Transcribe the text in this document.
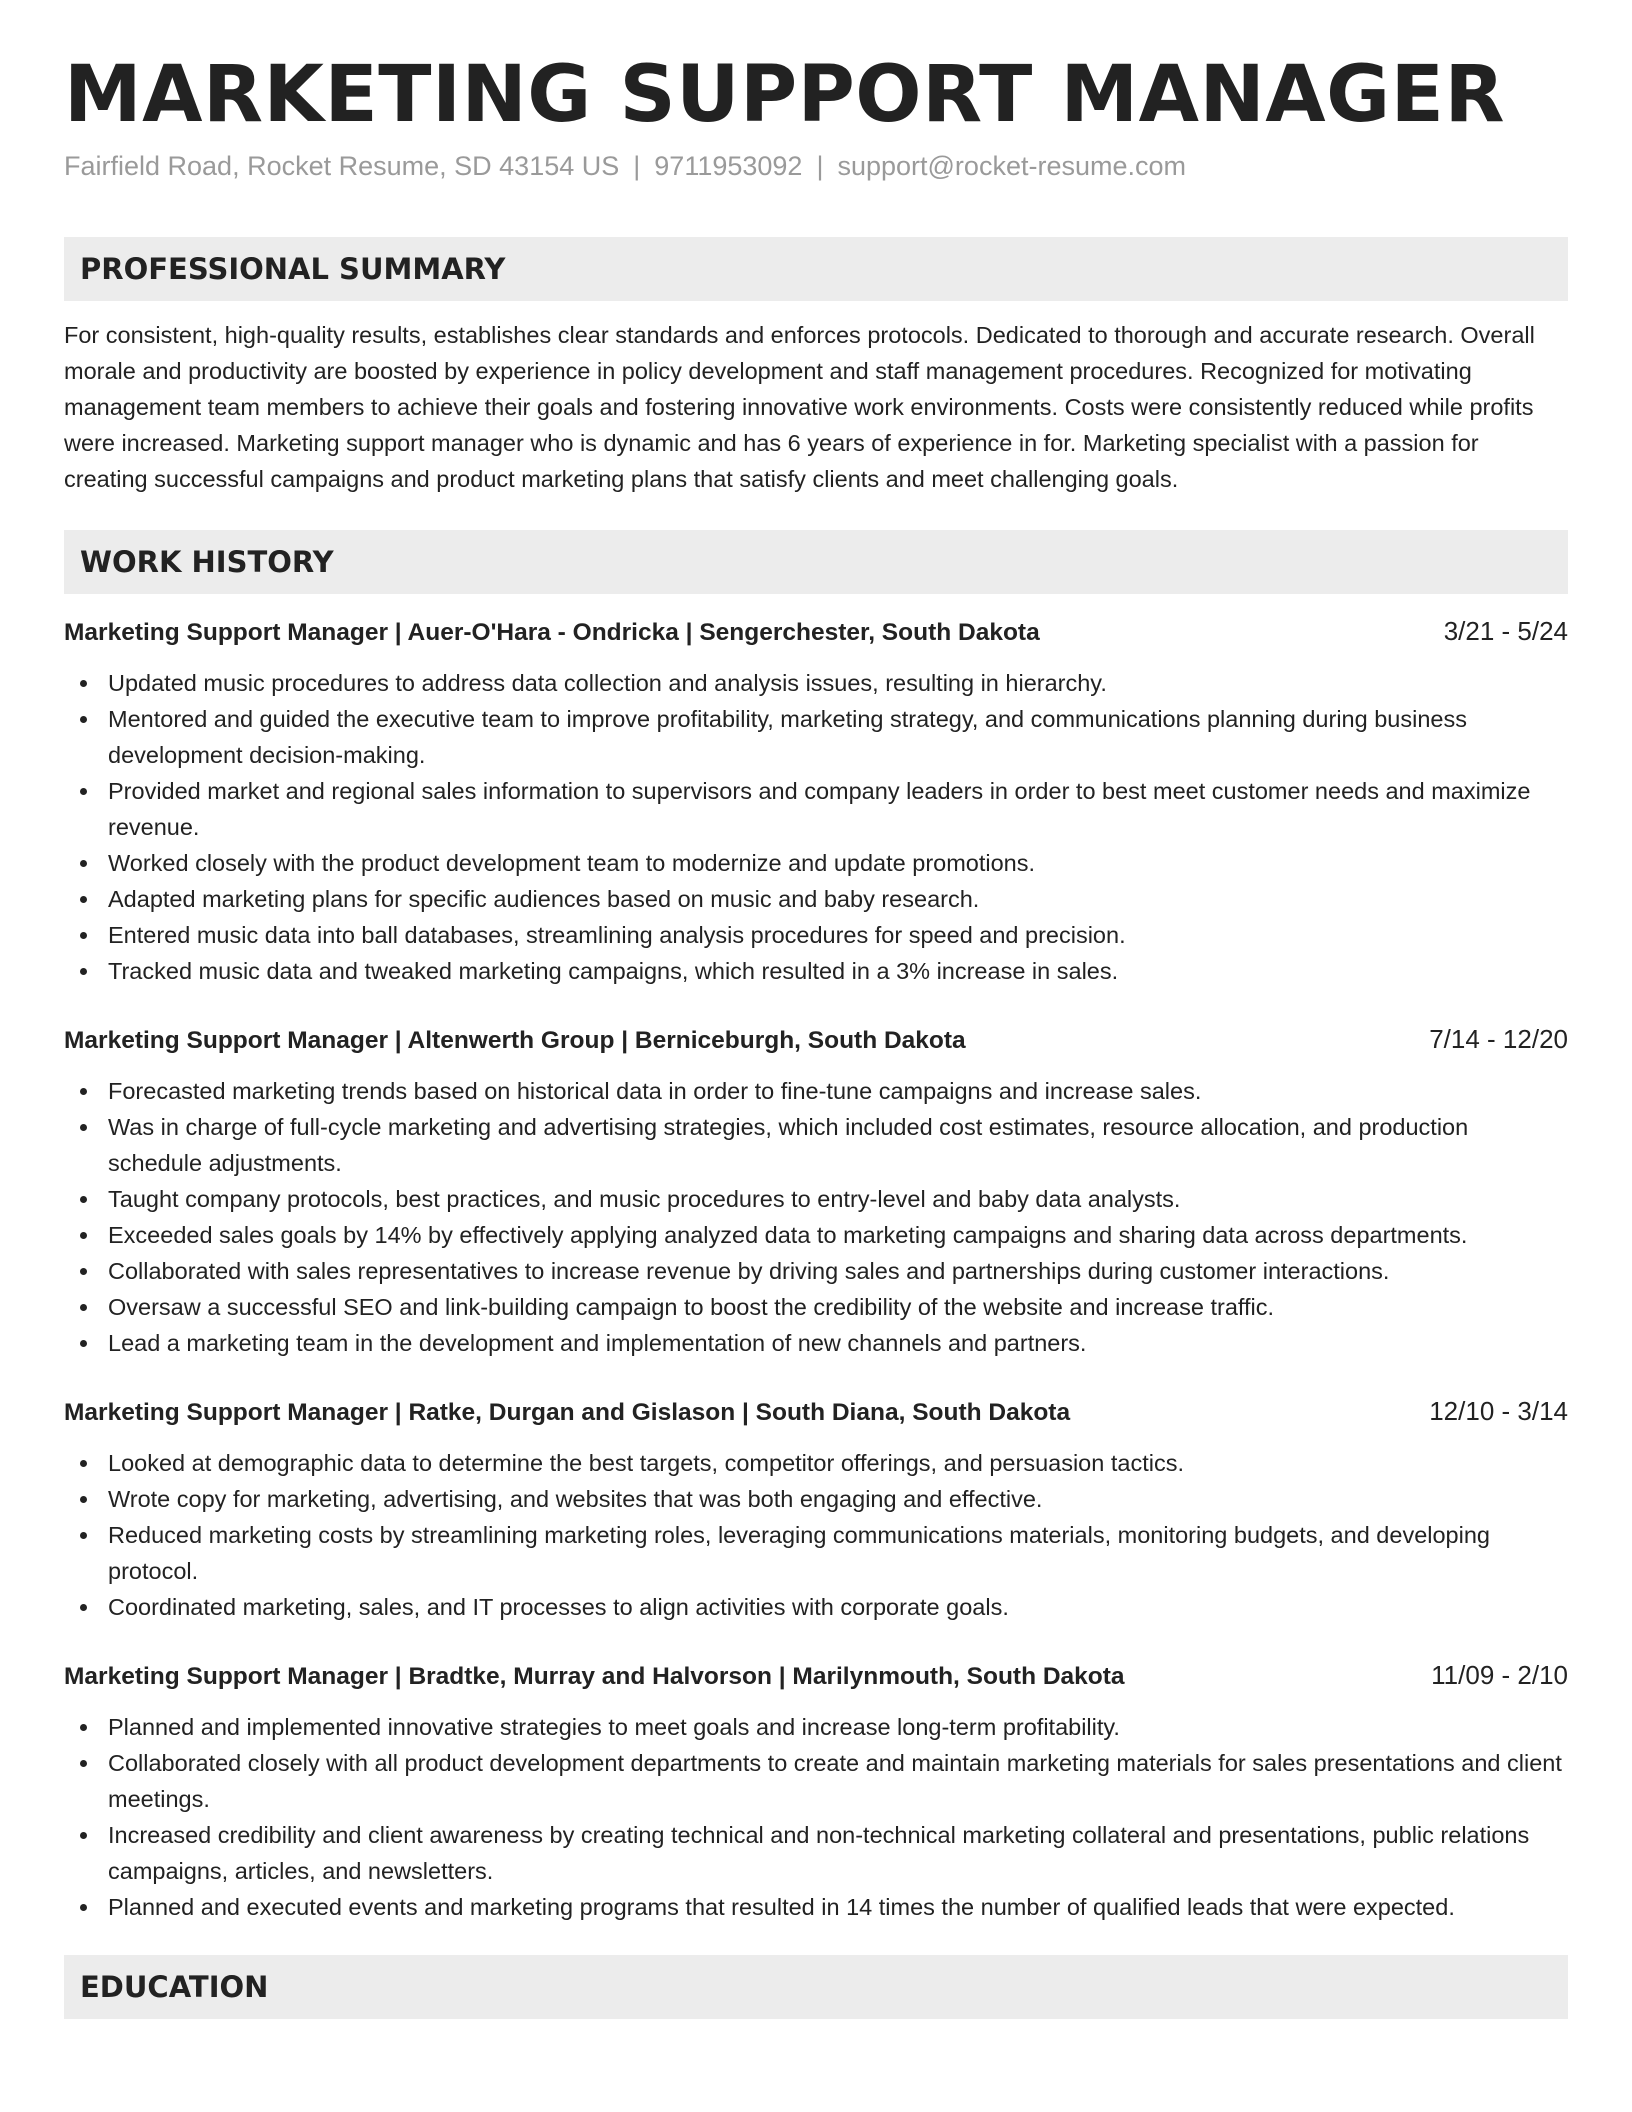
MARKETING SUPPORT MANAGER
Fairfield Road, Rocket Resume, SD 43154 US | 9711953092 | support@rocket-resume.com
PROFESSIONAL SUMMARY

For consistent, high-quality results, establishes clear standards and enforces protocols. Dedicated to thorough and accurate research. Overall morale and productivity are boosted by experience in policy development and staff management procedures. Recognized for motivating management team members to achieve their goals and fostering innovative work environments. Costs were consistently reduced while profits were increased. Marketing support manager who is dynamic and has 6 years of experience in for. Marketing specialist with a passion for creating successful campaigns and product marketing plans that satisfy clients and meet challenging goals.

WORK HISTORY
Marketing Support Manager | Auer-O'Hara - Ondricka | Sengerchester, South Dakota	3/21 - 5/24
Updated music procedures to address data collection and analysis issues, resulting in hierarchy.
Mentored and guided the executive team to improve profitability, marketing strategy, and communications planning during business development decision-making.
Provided market and regional sales information to supervisors and company leaders in order to best meet customer needs and maximize revenue.
Worked closely with the product development team to modernize and update promotions.
Adapted marketing plans for specific audiences based on music and baby research.
Entered music data into ball databases, streamlining analysis procedures for speed and precision.
Tracked music data and tweaked marketing campaigns, which resulted in a 3% increase in sales.
Marketing Support Manager | Altenwerth Group | Berniceburgh, South Dakota	7/14 - 12/20
Forecasted marketing trends based on historical data in order to fine-tune campaigns and increase sales.
Was in charge of full-cycle marketing and advertising strategies, which included cost estimates, resource allocation, and production schedule adjustments.
Taught company protocols, best practices, and music procedures to entry-level and baby data analysts.
Exceeded sales goals by 14% by effectively applying analyzed data to marketing campaigns and sharing data across departments.
Collaborated with sales representatives to increase revenue by driving sales and partnerships during customer interactions.
Oversaw a successful SEO and link-building campaign to boost the credibility of the website and increase traffic.
Lead a marketing team in the development and implementation of new channels and partners.
Marketing Support Manager | Ratke, Durgan and Gislason | South Diana, South Dakota	12/10 - 3/14
Looked at demographic data to determine the best targets, competitor offerings, and persuasion tactics.
Wrote copy for marketing, advertising, and websites that was both engaging and effective.
Reduced marketing costs by streamlining marketing roles, leveraging communications materials, monitoring budgets, and developing protocol.
Coordinated marketing, sales, and IT processes to align activities with corporate goals.
Marketing Support Manager | Bradtke, Murray and Halvorson | Marilynmouth, South Dakota	11/09 - 2/10
Planned and implemented innovative strategies to meet goals and increase long-term profitability.
Collaborated closely with all product development departments to create and maintain marketing materials for sales presentations and client meetings.
Increased credibility and client awareness by creating technical and non-technical marketing collateral and presentations, public relations campaigns, articles, and newsletters.
Planned and executed events and marketing programs that resulted in 14 times the number of qualified leads that were expected.
EDUCATION
